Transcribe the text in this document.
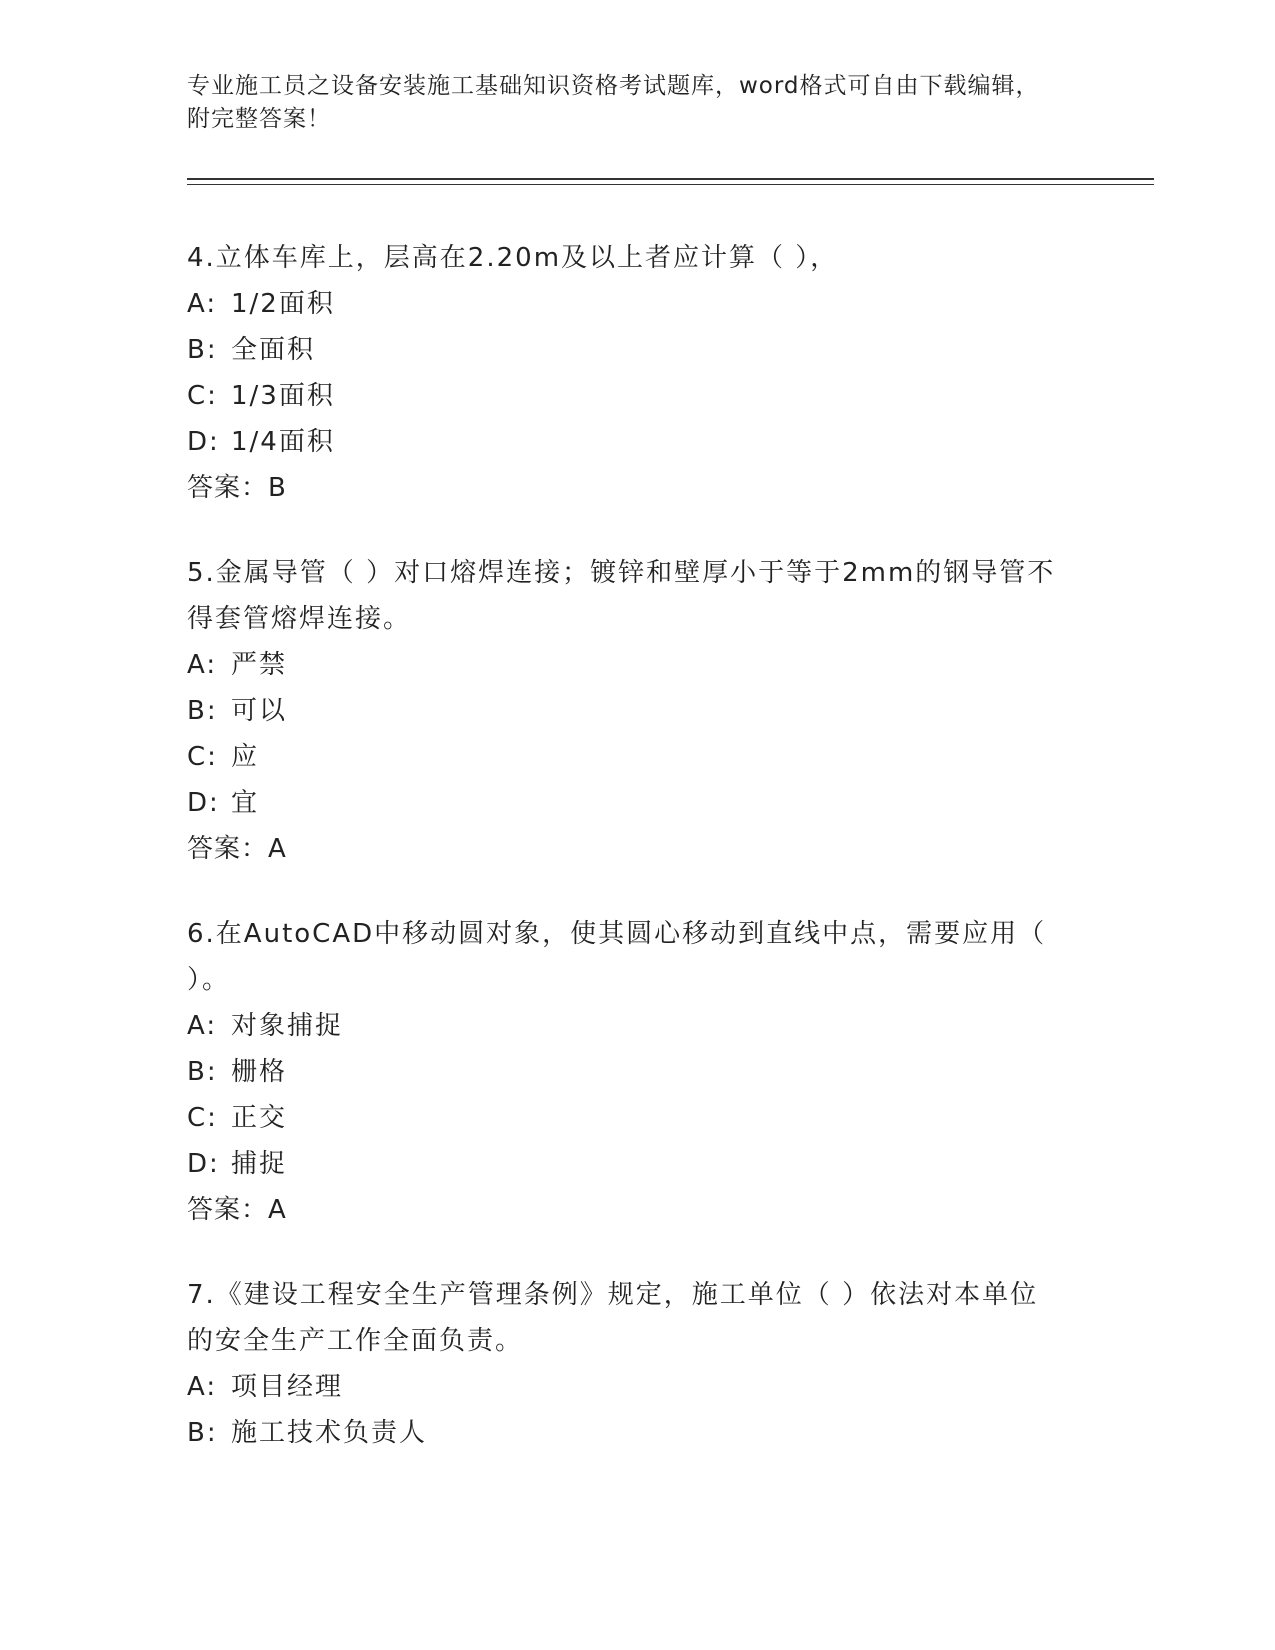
专业施工员之设备安装施工基础知识资格考试题库，word格式可自由下载编辑，
附完整答案！

4.立体车库上，层高在2.20m及以上者应计算（ ），

A: 1/2面积

B: 全面积

C: 1/3面积

D: 1/4面积

答案：B

5.金属导管（ ）对口熔焊连接；镀锌和壁厚小于等于2mm的钢导管不

得套管熔焊连接。

A: 严禁

B: 可以

C: 应

D: 宜

答案：A

6.在AutoCAD中移动圆对象，使其圆心移动到直线中点，需要应用（

）。

A: 对象捕捉

B: 栅格

C: 正交

D: 捕捉

答案：A

7.《建设工程安全生产管理条例》规定，施工单位（ ）依法对本单位

的安全生产工作全面负责。

A: 项目经理

B: 施工技术负责人
